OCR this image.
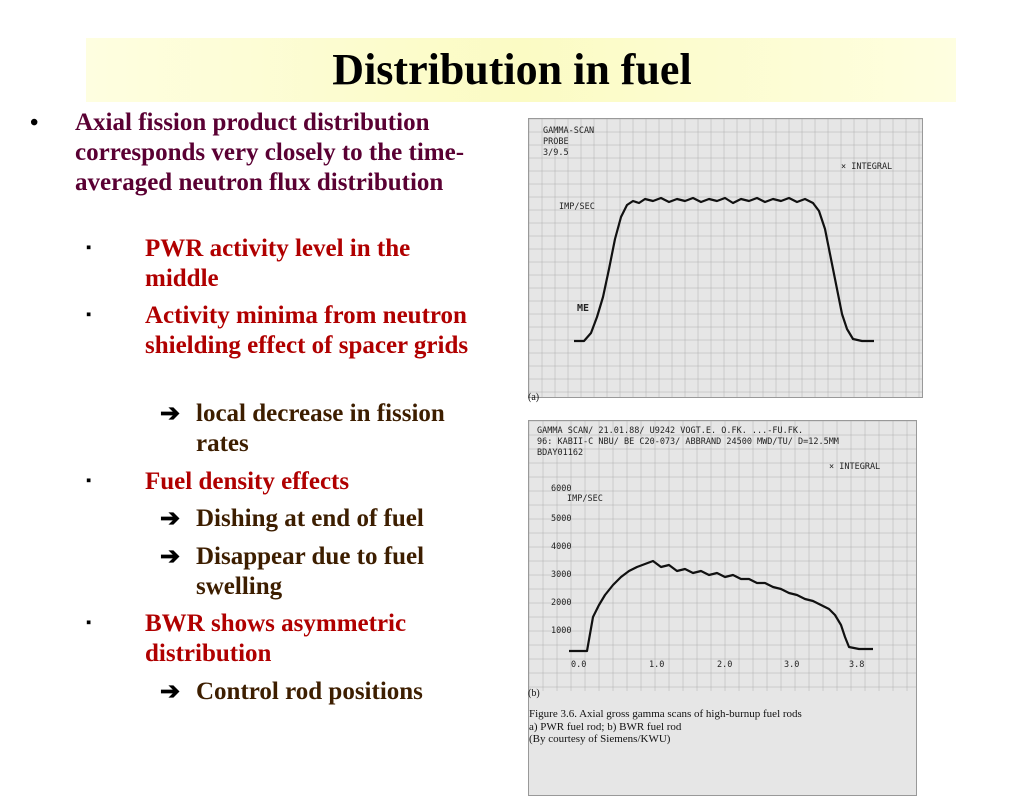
Distribution in fuel
• Axial fission product distribution corresponds very closely to the time-averaged neutron flux distribution
▪ PWR activity level in the middle
▪ Activity minima from neutron shielding effect of spacer grids
➔ local decrease in fission rates
▪ Fuel density effects
➔ Dishing at end of fuel
➔ Disappear due to fuel swelling
▪ BWR shows asymmetric distribution
➔ Control rod positions
GAMMA-SCAN
PROBE
3/9.5
× INTEGRAL
IMP/SEC
ME
(a)
GAMMA SCAN/ 21.01.88/ U9242 VOGT.E. O.FK. ...-FU.FK.
96: KABII-C NBU/ BE C20-073/ ABBRAND 24500 MWD/TU/ D=12.5MM
BDAY01162
× INTEGRAL
IMP/SEC
6000
5000
4000
3000
2000
1000
0.0	1.0	2.0	3.0	3.8
(b)
Figure 3.6. Axial gross gamma scans of high-burnup fuel rods
a) PWR fuel rod; b) BWR fuel rod
(By courtesy of Siemens/KWU)
